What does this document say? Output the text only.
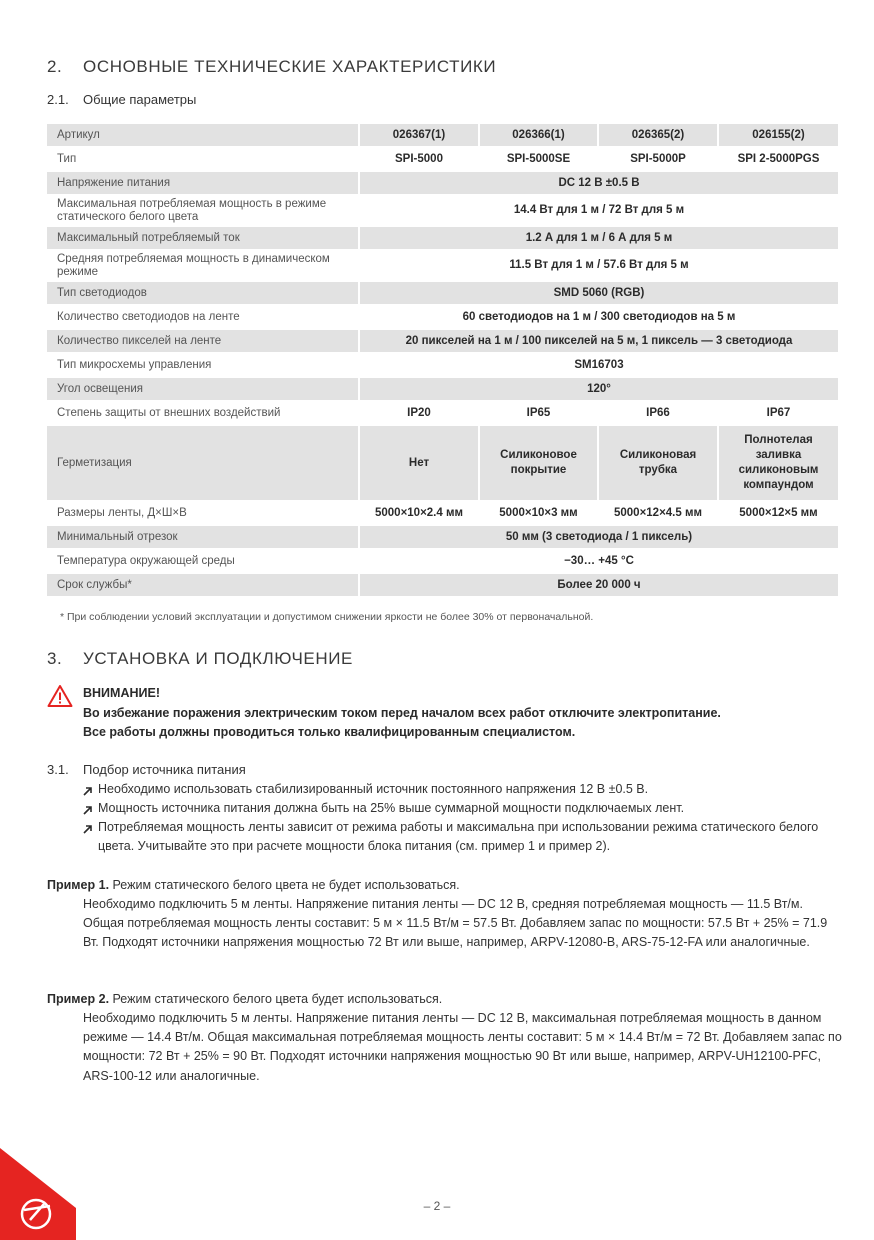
2. ОСНОВНЫЕ ТЕХНИЧЕСКИЕ ХАРАКТЕРИСТИКИ
2.1. Общие параметры
Артикул	026367(1)	026366(1)	026365(2)	026155(2)
Тип	SPI-5000	SPI-5000SE	SPI-5000P	SPI 2-5000PGS
Напряжение питания	DC 12 В ±0.5 В			
Максимальная потребляемая мощность в режиме статического белого цвета	14.4 Вт для 1 м / 72 Вт для 5 м			
Максимальный потребляемый ток	1.2 А для 1 м / 6 А для 5 м			
Средняя потребляемая мощность в динамическом режиме	11.5 Вт для 1 м / 57.6 Вт для 5 м			
Тип светодиодов	SMD 5060 (RGB)			
Количество светодиодов на ленте	60 светодиодов на 1 м / 300 светодиодов на 5 м			
Количество пикселей на ленте	20 пикселей на 1 м / 100 пикселей на 5 м, 1 пиксель — 3 светодиода			
Тип микросхемы управления	SM16703			
Угол освещения	120°			
Степень защиты от внешних воздействий	IP20	IP65	IP66	IP67
Герметизация	Нет	Силиконовое покрытие	Силиконовая трубка	Полнотелая заливка силиконовым компаундом
Размеры ленты, Д×Ш×В	5000×10×2.4 мм	5000×10×3 мм	5000×12×4.5 мм	5000×12×5 мм
Минимальный отрезок	50 мм (3 светодиода / 1 пиксель)			
Температура окружающей среды	−30… +45 °C			
Срок службы*	Более 20 000 ч			
* При соблюдении условий эксплуатации и допустимом снижении яркости не более 30% от первоначальной.
3. УСТАНОВКА И ПОДКЛЮЧЕНИЕ
ВНИМАНИЕ!
Во избежание поражения электрическим током перед началом всех работ отключите электропитание.
Все работы должны проводиться только квалифицированным специалистом.
3.1. Подбор источника питания
Необходимо использовать стабилизированный источник постоянного напряжения 12 В ±0.5 В.
Мощность источника питания должна быть на 25% выше суммарной мощности подключаемых лент.
Потребляемая мощность ленты зависит от режима работы и максимальна при использовании режима статического белого цвета. Учитывайте это при расчете мощности блока питания (см. пример 1 и пример 2).
Пример 1. Режим статического белого цвета не будет использоваться.
Необходимо подключить 5 м ленты. Напряжение питания ленты — DC 12 В, средняя потребляемая мощность — 11.5 Вт/м. Общая потребляемая мощность ленты составит: 5 м × 11.5 Вт/м = 57.5 Вт. Добавляем запас по мощности: 57.5 Вт + 25% = 71.9 Вт. Подходят источники напряжения мощностью 72 Вт или выше, например, ARPV-12080-B, ARS-75-12-FA или аналогичные.
Пример 2. Режим статического белого цвета будет использоваться.
Необходимо подключить 5 м ленты. Напряжение питания ленты — DC 12 В, максимальная потребляемая мощность в данном режиме — 14.4 Вт/м. Общая максимальная потребляемая мощность ленты составит: 5 м × 14.4 Вт/м = 72 Вт. Добавляем запас по мощности: 72 Вт + 25% = 90 Вт. Подходят источники напряжения мощностью 90 Вт или выше, например, ARPV-UH12100-PFC, ARS-100-12 или аналогичные.
– 2 –
